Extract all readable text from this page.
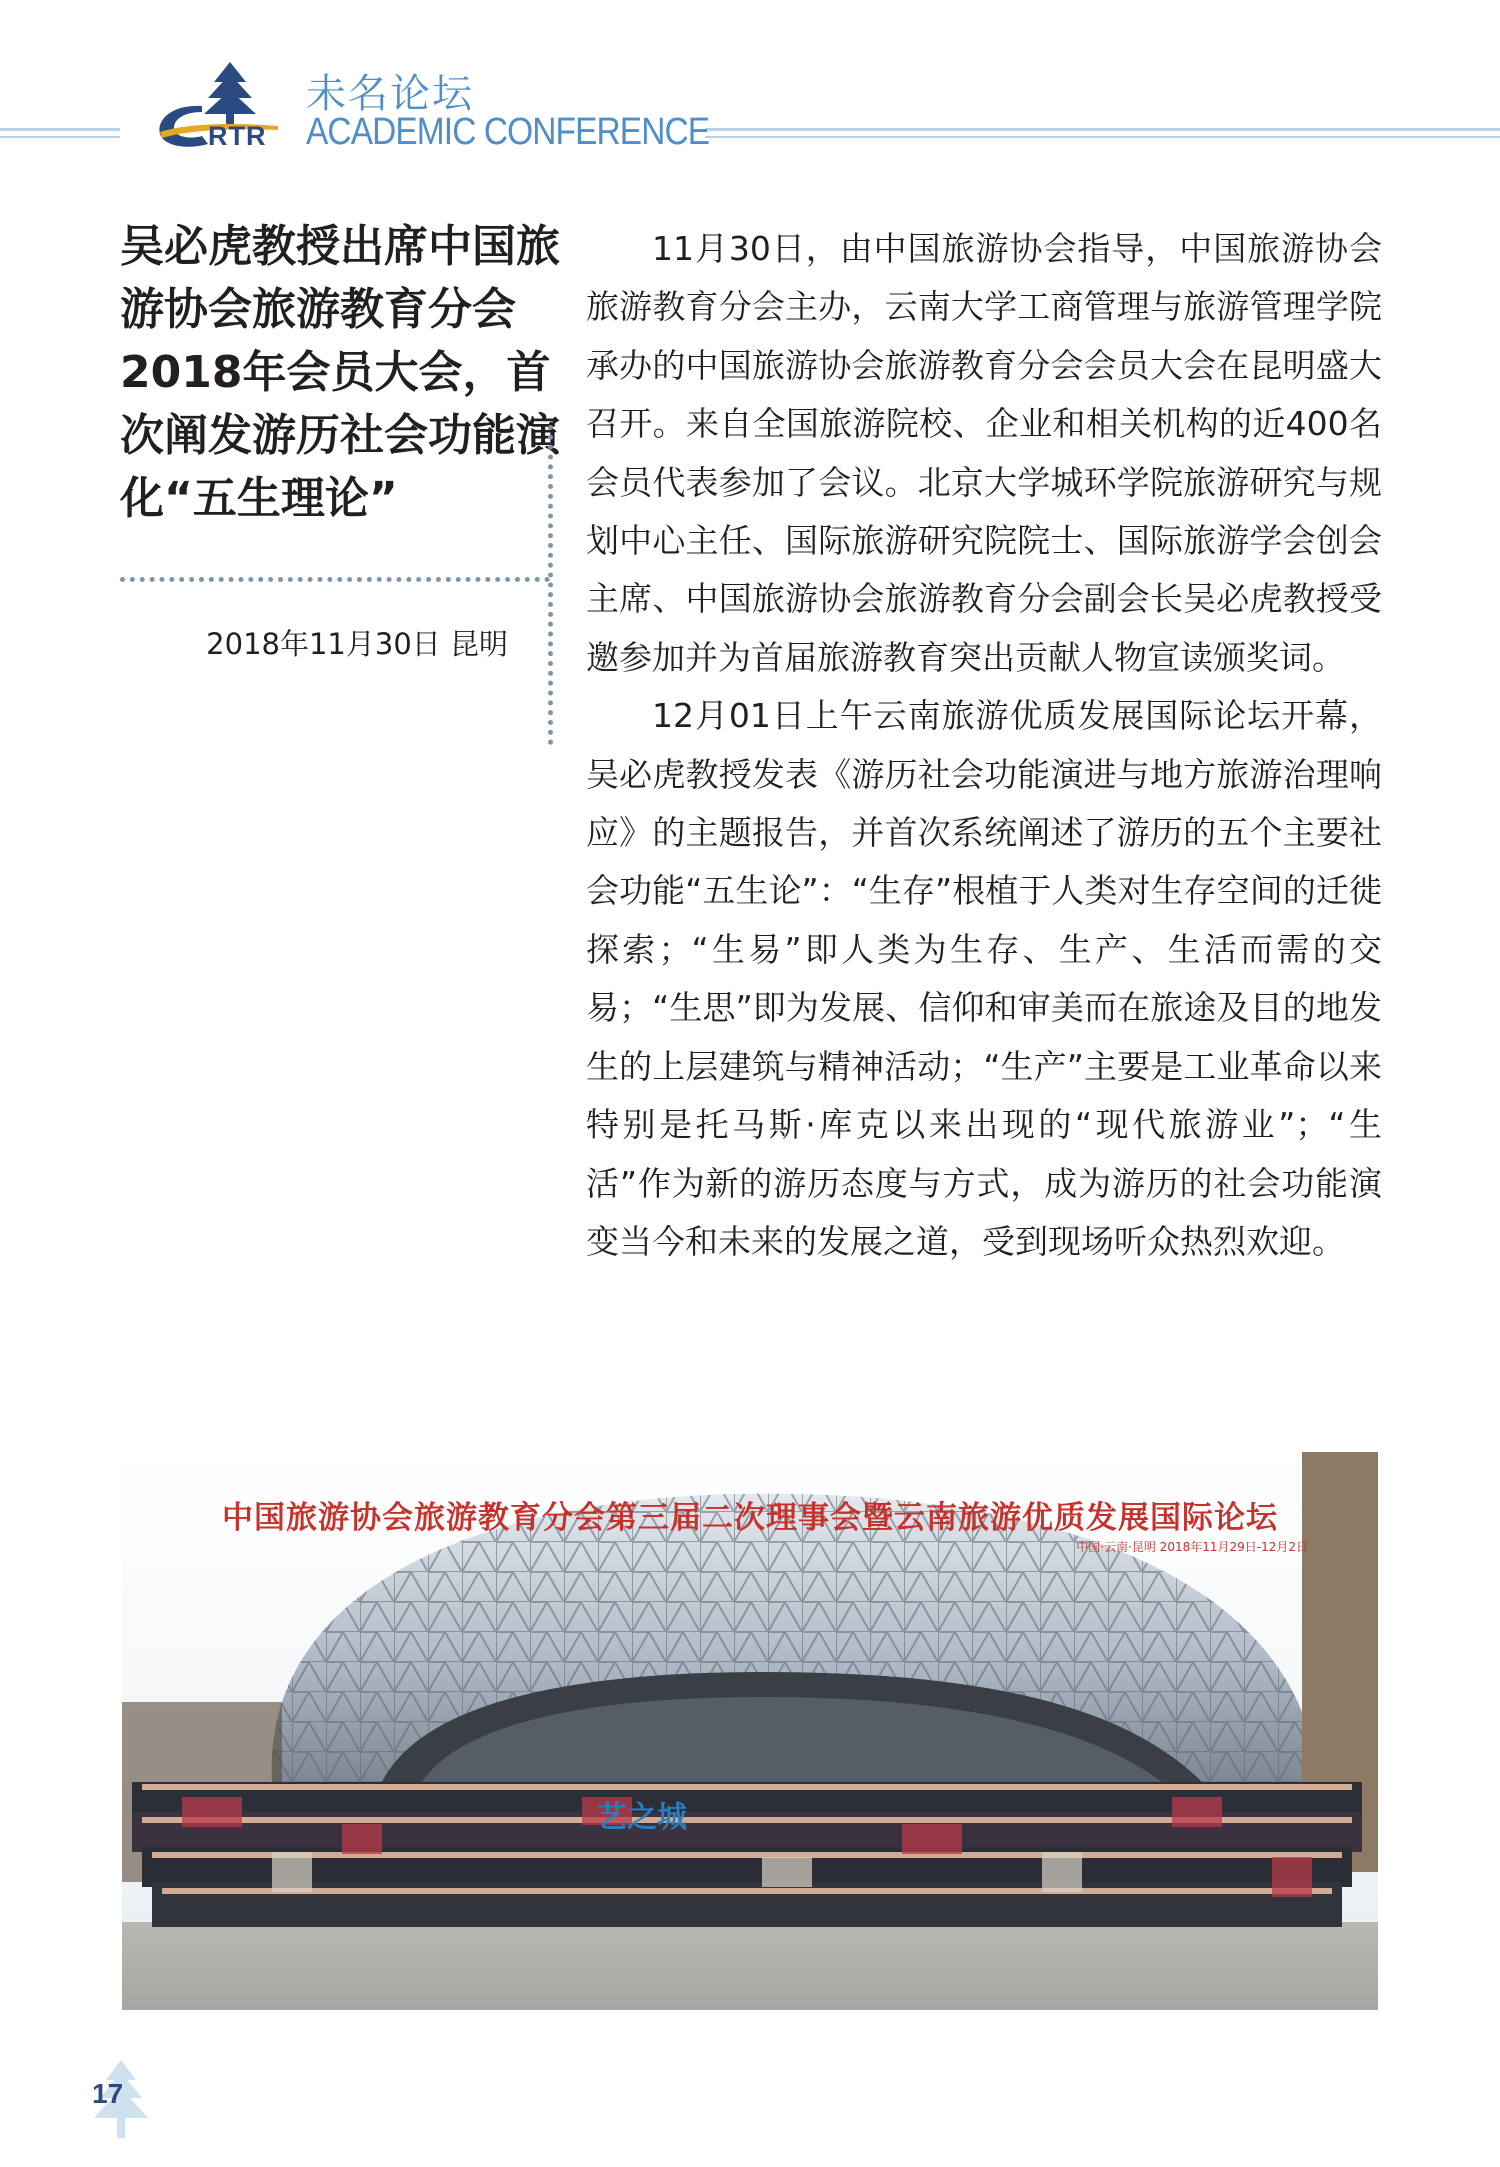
RTR
未名论坛
ACADEMIC CONFERENCE
吴必虎教授出席中国旅游协会旅游教育分会2018年会员大会，首次阐发游历社会功能演化“五生理论”
2018年11月30日 昆明

11月30日，由中国旅游协会指导，中国旅游协会旅游教育分会主办，云南大学工商管理与旅游管理学院承办的中国旅游协会旅游教育分会会员大会在昆明盛大召开。来自全国旅游院校、企业和相关机构的近400名会员代表参加了会议。北京大学城环学院旅游研究与规划中心主任、国际旅游研究院院士、国际旅游学会创会主席、中国旅游协会旅游教育分会副会长吴必虎教授受邀参加并为首届旅游教育突出贡献人物宣读颁奖词。

12月01日上午云南旅游优质发展国际论坛开幕，吴必虎教授发表《游历社会功能演进与地方旅游治理响应》的主题报告，并首次系统阐述了游历的五个主要社会功能“五生论”：“生存”根植于人类对生存空间的迁徙探索；“生易”即人类为生存、生产、生活而需的交易；“生思”即为发展、信仰和审美而在旅途及目的地发生的上层建筑与精神活动；“生产”主要是工业革命以来特别是托马斯·库克以来出现的“现代旅游业”；“生活”作为新的游历态度与方式，成为游历的社会功能演变当今和未来的发展之道，受到现场听众热烈欢迎。

中国旅游协会旅游教育分会第三届二次理事会暨云南旅游优质发展国际论坛
中国·云南·昆明 2018年11月29日-12月2日
艺之城
17
